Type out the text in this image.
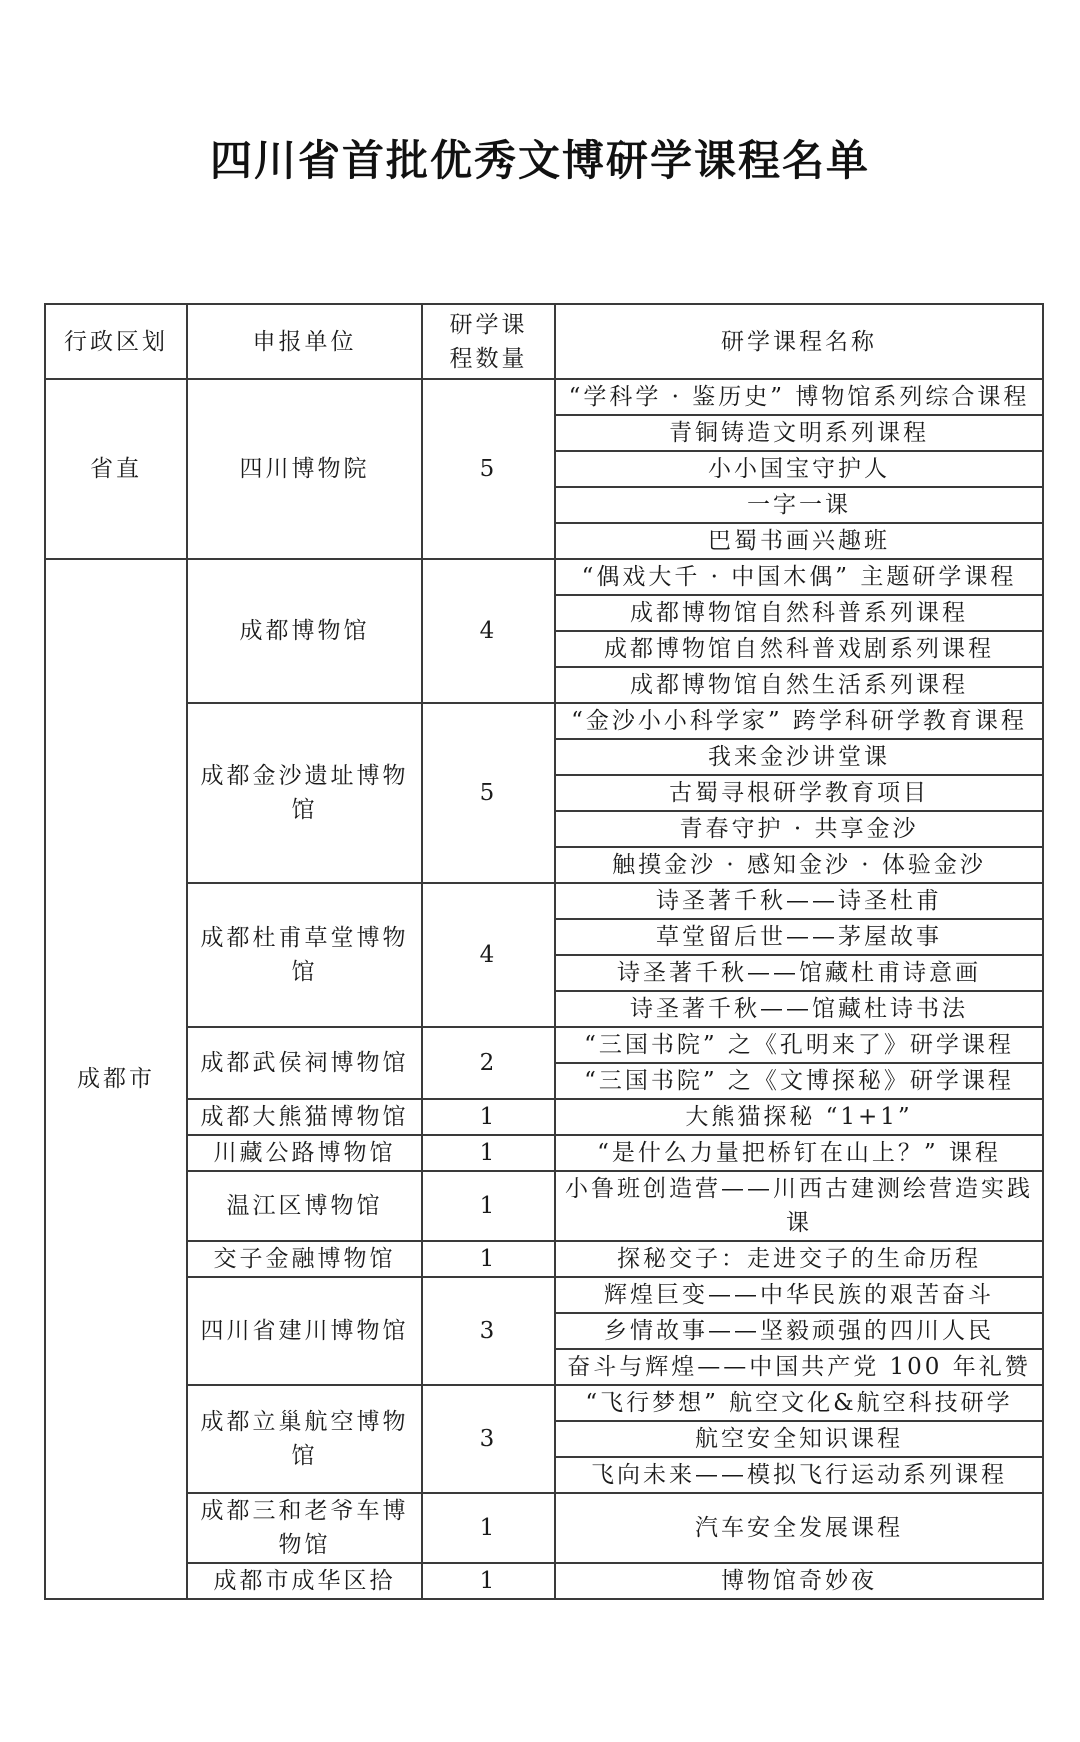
四川省首批优秀文博研学课程名单
行政区划	申报单位	研学课程数量	研学课程名称
省直	四川博物院	5	“学科学 · 鉴历史” 博物馆系列综合课程
			青铜铸造文明系列课程
			小小国宝守护人
			一字一课
			巴蜀书画兴趣班
成都市	成都博物馆	4	“偶戏大千 · 中国木偶” 主题研学课程
			成都博物馆自然科普系列课程
			成都博物馆自然科普戏剧系列课程
			成都博物馆自然生活系列课程
	成都金沙遗址博物馆	5	“金沙小小科学家” 跨学科研学教育课程
			我来金沙讲堂课
			古蜀寻根研学教育项目
			青春守护 · 共享金沙
			触摸金沙 · 感知金沙 · 体验金沙
	成都杜甫草堂博物馆	4	诗圣著千秋——诗圣杜甫
			草堂留后世——茅屋故事
			诗圣著千秋——馆藏杜甫诗意画
			诗圣著千秋——馆藏杜诗书法
	成都武侯祠博物馆	2	“三国书院” 之《孔明来了》研学课程
			“三国书院” 之《文博探秘》研学课程
	成都大熊猫博物馆	1	大熊猫探秘 “1+1”
	川藏公路博物馆	1	“是什么力量把桥钉在山上？” 课程
	温江区博物馆	1	小鲁班创造营——川西古建测绘营造实践课
	交子金融博物馆	1	探秘交子：走进交子的生命历程
	四川省建川博物馆	3	辉煌巨变——中华民族的艰苦奋斗
			乡情故事——坚毅顽强的四川人民
			奋斗与辉煌——中国共产党 100 年礼赞
	成都立巢航空博物馆	3	“飞行梦想” 航空文化&航空科技研学
			航空安全知识课程
			飞向未来——模拟飞行运动系列课程
	成都三和老爷车博物馆	1	汽车安全发展课程
	成都市成华区拾	1	博物馆奇妙夜
